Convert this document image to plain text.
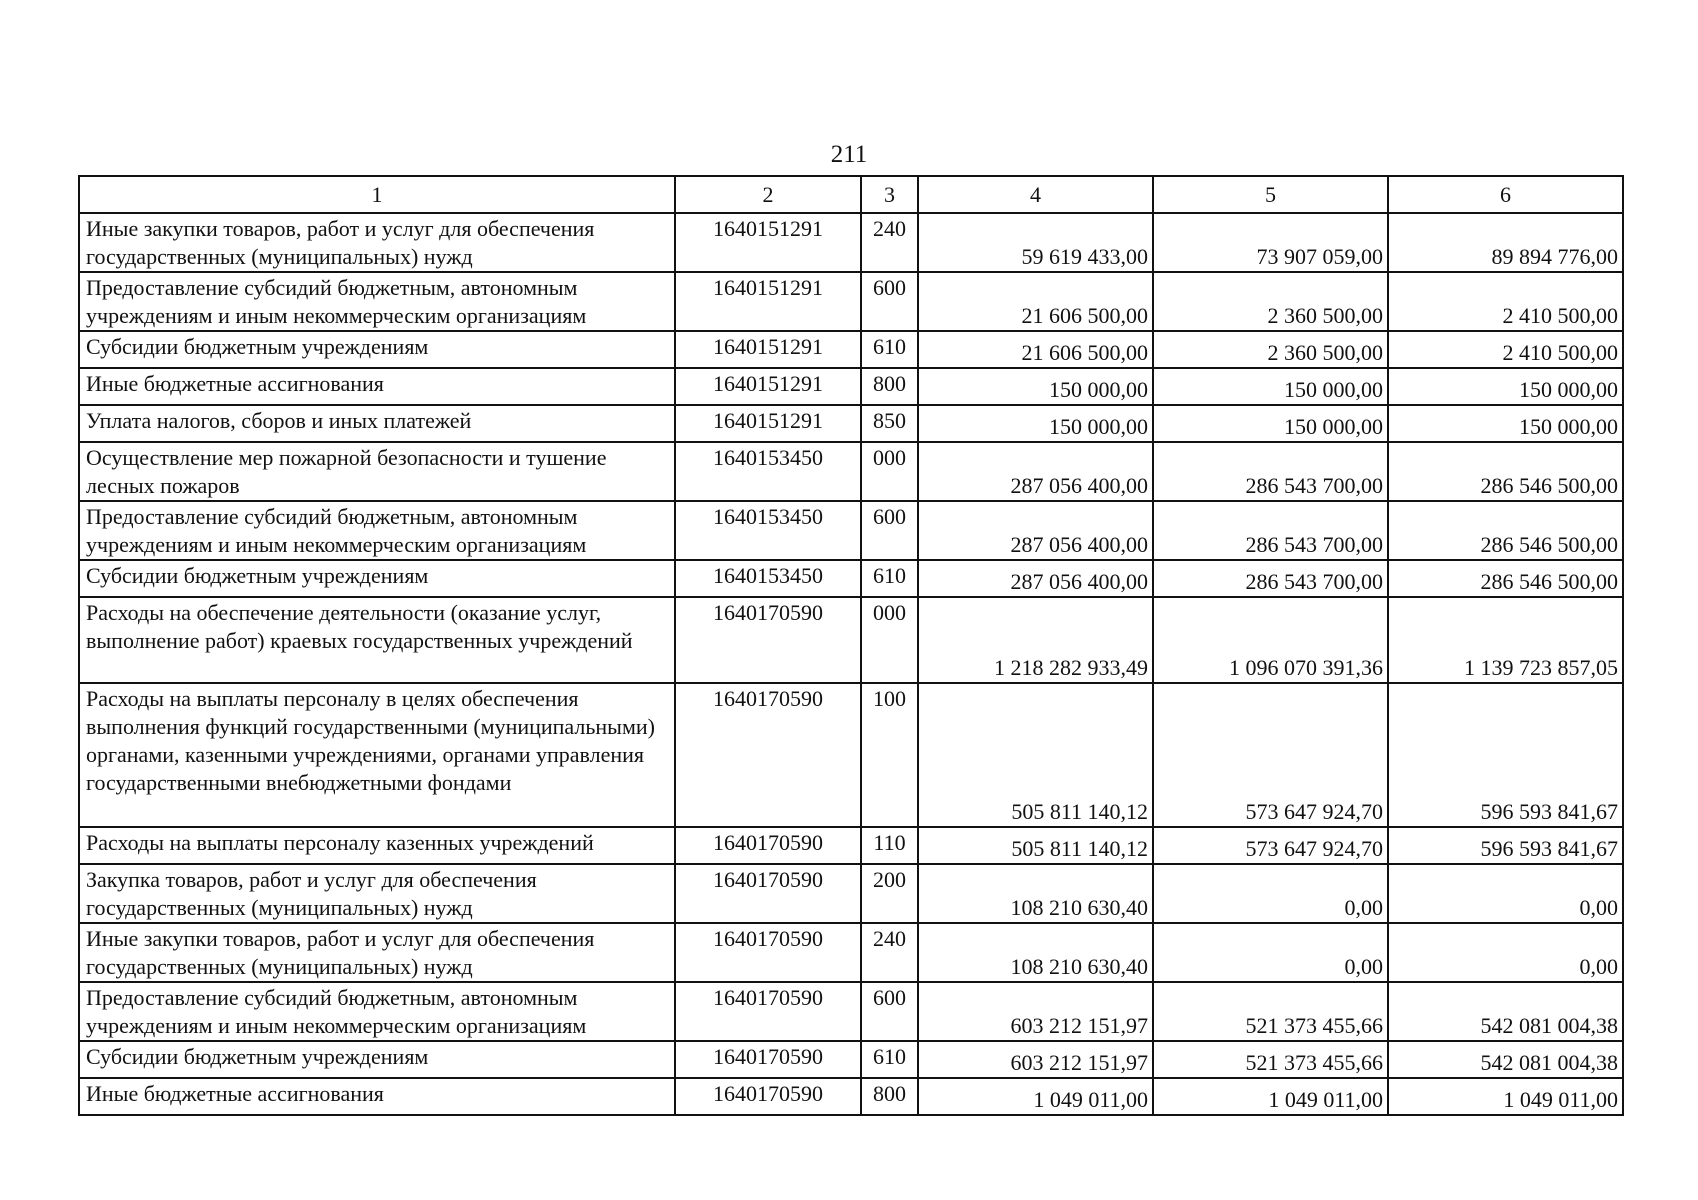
211
1	2	3	4	5	6
Иные закупки товаров, работ и услуг для обеспечения государственных (муниципальных) нужд	1640151291	240	59 619 433,00	73 907 059,00	89 894 776,00
Предоставление субсидий бюджетным, автономным учреждениям и иным некоммерческим организациям	1640151291	600	21 606 500,00	2 360 500,00	2 410 500,00
Субсидии бюджетным учреждениям	1640151291	610	21 606 500,00	2 360 500,00	2 410 500,00
Иные бюджетные ассигнования	1640151291	800	150 000,00	150 000,00	150 000,00
Уплата налогов, сборов и иных платежей	1640151291	850	150 000,00	150 000,00	150 000,00
Осуществление мер пожарной безопасности и тушение лесных пожаров	1640153450	000	287 056 400,00	286 543 700,00	286 546 500,00
Предоставление субсидий бюджетным, автономным учреждениям и иным некоммерческим организациям	1640153450	600	287 056 400,00	286 543 700,00	286 546 500,00
Субсидии бюджетным учреждениям	1640153450	610	287 056 400,00	286 543 700,00	286 546 500,00
Расходы на обеспечение деятельности (оказание услуг, выполнение работ) краевых государственных учреждений	1640170590	000	1 218 282 933,49	1 096 070 391,36	1 139 723 857,05
Расходы на выплаты персоналу в целях обеспечения выполнения функций государственными (муниципальными) органами, казенными учреждениями, органами управления государственными внебюджетными фондами	1640170590	100	505 811 140,12	573 647 924,70	596 593 841,67
Расходы на выплаты персоналу казенных учреждений	1640170590	110	505 811 140,12	573 647 924,70	596 593 841,67
Закупка товаров, работ и услуг для обеспечения государственных (муниципальных) нужд	1640170590	200	108 210 630,40	0,00	0,00
Иные закупки товаров, работ и услуг для обеспечения государственных (муниципальных) нужд	1640170590	240	108 210 630,40	0,00	0,00
Предоставление субсидий бюджетным, автономным учреждениям и иным некоммерческим организациям	1640170590	600	603 212 151,97	521 373 455,66	542 081 004,38
Субсидии бюджетным учреждениям	1640170590	610	603 212 151,97	521 373 455,66	542 081 004,38
Иные бюджетные ассигнования	1640170590	800	1 049 011,00	1 049 011,00	1 049 011,00
